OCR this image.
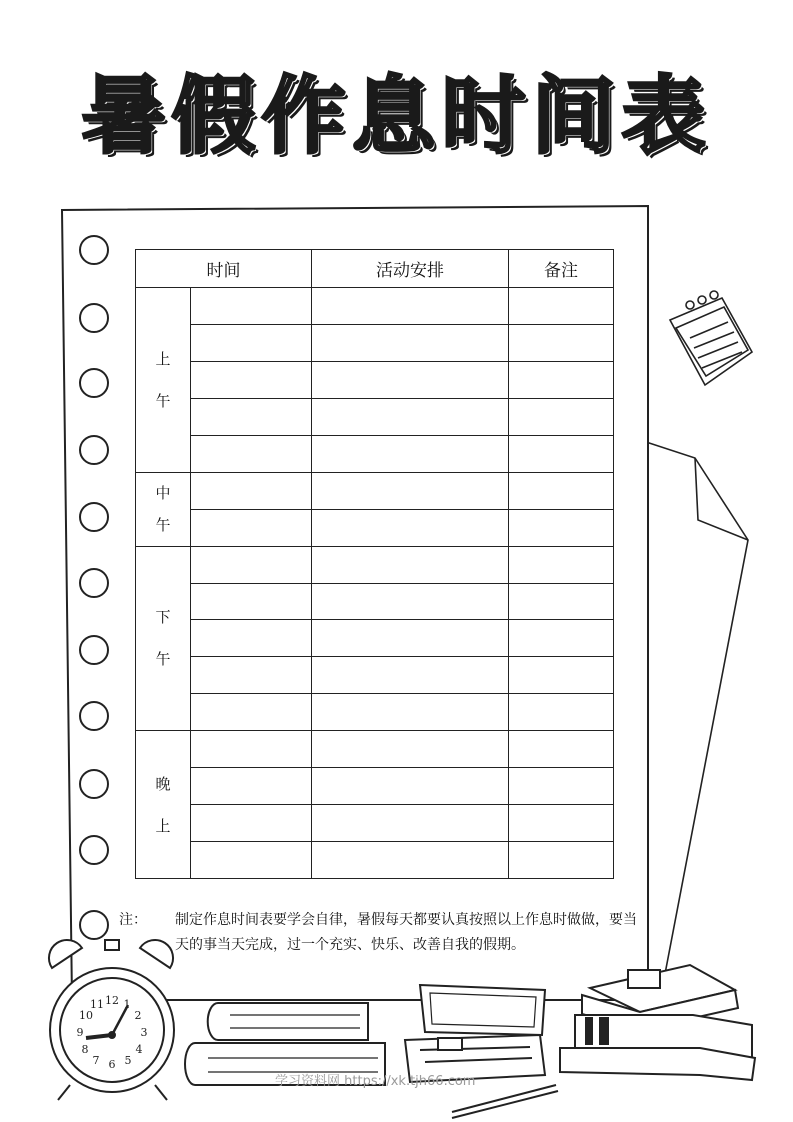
12 1
2
3
4
5
6
7
8
9
10
11
暑假作息时间表
时间		活动安排	备注

上
午			

中
午			

下
午			

晚
上			

注： 制定作息时间表要学会自律，暑假每天都要认真按照以上作息时做做，要当天的事当天完成，过一个充实、快乐、改善自我的假期。
学习资料网 https://xk.tjh66.com
